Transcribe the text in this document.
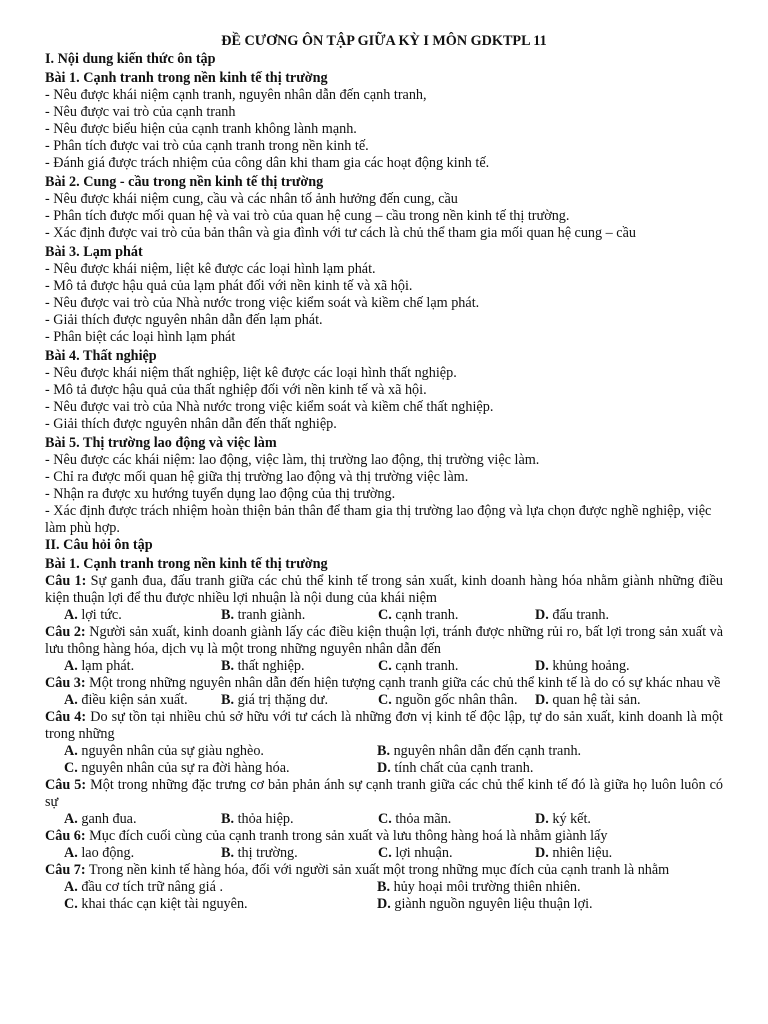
ĐỀ CƯƠNG ÔN TẬP GIỮA KỲ I MÔN GDKTPL 11
I. Nội dung kiến thức ôn tập
Bài 1. Cạnh tranh trong nền kinh tế thị trường
- Nêu được khái niệm cạnh tranh, nguyên nhân dẫn đến cạnh tranh,
- Nêu được vai trò của cạnh tranh
- Nêu được biểu hiện của cạnh tranh không lành mạnh.
- Phân tích được vai trò của cạnh tranh trong nền kinh tế.
- Đánh giá được trách nhiệm của công dân khi tham gia các hoạt động kinh tế.
Bài 2. Cung - cầu trong nền kinh tế thị trường
- Nêu được khái niệm cung, cầu và các nhân tố ảnh hưởng đến cung, cầu
- Phân tích được mối quan hệ và vai trò của quan hệ cung – cầu trong nền kinh tế thị trường.
- Xác định được vai trò của bản thân và gia đình với tư cách là chủ thể tham gia mối quan hệ cung – cầu
Bài 3. Lạm phát
- Nêu được khái niệm, liệt kê được các loại hình lạm phát.
- Mô tả được hậu quả của lạm phát đối với nền kinh tế và xã hội.
- Nêu được vai trò của Nhà nước trong việc kiểm soát và kiềm chế lạm phát.
- Giải thích được nguyên nhân dẫn đến lạm phát.
- Phân biệt các loại hình lạm phát
Bài 4. Thất nghiệp
- Nêu được khái niệm thất nghiệp, liệt kê được các loại hình thất nghiệp.
- Mô tả được hậu quả của thất nghiệp đối với nền kinh tế và xã hội.
- Nêu được vai trò của Nhà nước trong việc kiểm soát và kiềm chế thất nghiệp.
- Giải thích được nguyên nhân dẫn đến thất nghiệp.
Bài 5. Thị trường lao động và việc làm
- Nêu được các khái niệm: lao động, việc làm, thị trường lao động, thị trường việc làm.
- Chỉ ra được mối quan hệ giữa thị trường lao động và thị trường việc làm.
- Nhận ra được xu hướng tuyển dụng lao động của thị trường.
- Xác định được trách nhiệm hoàn thiện bản thân để tham gia thị trường lao động và lựa chọn được nghề nghiệp, việc làm phù hợp.
II. Câu hỏi ôn tập
Bài 1. Cạnh tranh trong nền kinh tế thị trường
Câu 1: Sự ganh đua, đấu tranh giữa các chủ thể kinh tế trong sản xuất, kinh doanh hàng hóa nhằm giành những điều kiện thuận lợi để thu được nhiều lợi nhuận là nội dung của khái niệm
A. lợi tức.	B. tranh giành.	C. cạnh tranh.	D. đấu tranh.
Câu 2: Người sản xuất, kinh doanh giành lấy các điều kiện thuận lợi, tránh được những rủi ro, bất lợi trong sản xuất và lưu thông hàng hóa, dịch vụ là một trong những nguyên nhân dẫn đến
A. lạm phát.	B. thất nghiệp.	C. cạnh tranh.	D. khủng hoảng.
Câu 3: Một trong những nguyên nhân dẫn đến hiện tượng cạnh tranh giữa các chủ thể kinh tế là do có sự khác nhau về
A. điều kiện sản xuất.	B. giá trị thặng dư.	C. nguồn gốc nhân thân.	D. quan hệ tài sản.
Câu 4: Do sự tồn tại nhiều chủ sở hữu với tư cách là những đơn vị kinh tế độc lập, tự do sản xuất, kinh doanh là một trong những
A. nguyên nhân của sự giàu nghèo.	B. nguyên nhân dẫn đến cạnh tranh.
C. nguyên nhân của sự ra đời hàng hóa.	D. tính chất của cạnh tranh.
Câu 5: Một trong những đặc trưng cơ bản phản ánh sự cạnh tranh giữa các chủ thể kinh tế đó là giữa họ luôn luôn có sự
A. ganh đua.	B. thỏa hiệp.	C. thỏa mãn.	D. ký kết.
Câu 6: Mục đích cuối cùng của cạnh tranh trong sản xuất và lưu thông hàng hoá là nhằm giành lấy
A. lao động.	B. thị trường.	C. lợi nhuận.	D. nhiên liệu.
Câu 7: Trong nền kinh tế hàng hóa, đối với người sản xuất một trong những mục đích của cạnh tranh là nhằm
A. đầu cơ tích trữ nâng giá .	B. hủy hoại môi trường thiên nhiên.
C. khai thác cạn kiệt tài nguyên.	D. giành nguồn nguyên liệu thuận lợi.
